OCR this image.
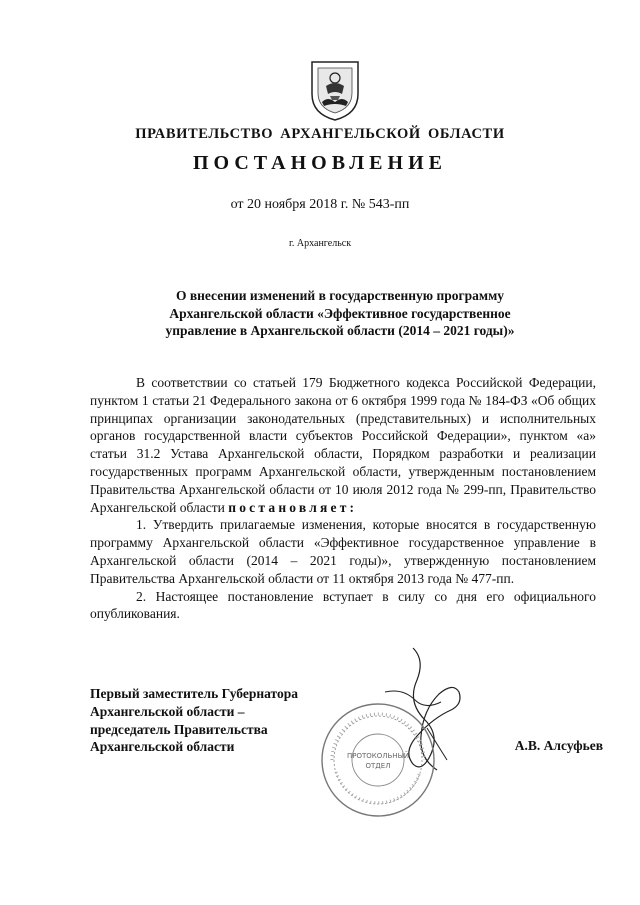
ПРАВИТЕЛЬСТВО АРХАНГЕЛЬСКОЙ ОБЛАСТИ
ПОСТАНОВЛЕНИЕ
от 20 ноября 2018 г. № 543-пп
г. Архангельск
О внесении изменений в государственную программу
Архангельской области «Эффективное государственное
управление в Архангельской области (2014 – 2021 годы)»

В соответствии со статьей 179 Бюджетного кодекса Российской Федерации, пунктом 1 статьи 21 Федерального закона от 6 октября 1999 года № 184-ФЗ «Об общих принципах организации законодательных (представительных) и исполнительных органов государственной власти субъектов Российской Федерации», пунктом «а» статьи 31.2 Устава Архангельской области, Порядком разработки и реализации государственных программ Архангельской области, утвержденным постановлением Правительства Архангельской области от 10 июля 2012 года № 299-пп, Правительство Архангельской области постановляет:

1. Утвердить прилагаемые изменения, которые вносятся в государственную программу Архангельской области «Эффективное государственное управление в Архангельской области (2014 – 2021 годы)», утвержденную постановлением Правительства Архангельской области от 11 октября 2013 года № 477-пп.

2. Настоящее постановление вступает в силу со дня его официального опубликования.

ПРОТОКОЛЬНЫЙ
ОТДЕЛ
Первый заместитель Губернатора
Архангельской области –
председатель Правительства
Архангельской области	А.В. Алсуфьев
